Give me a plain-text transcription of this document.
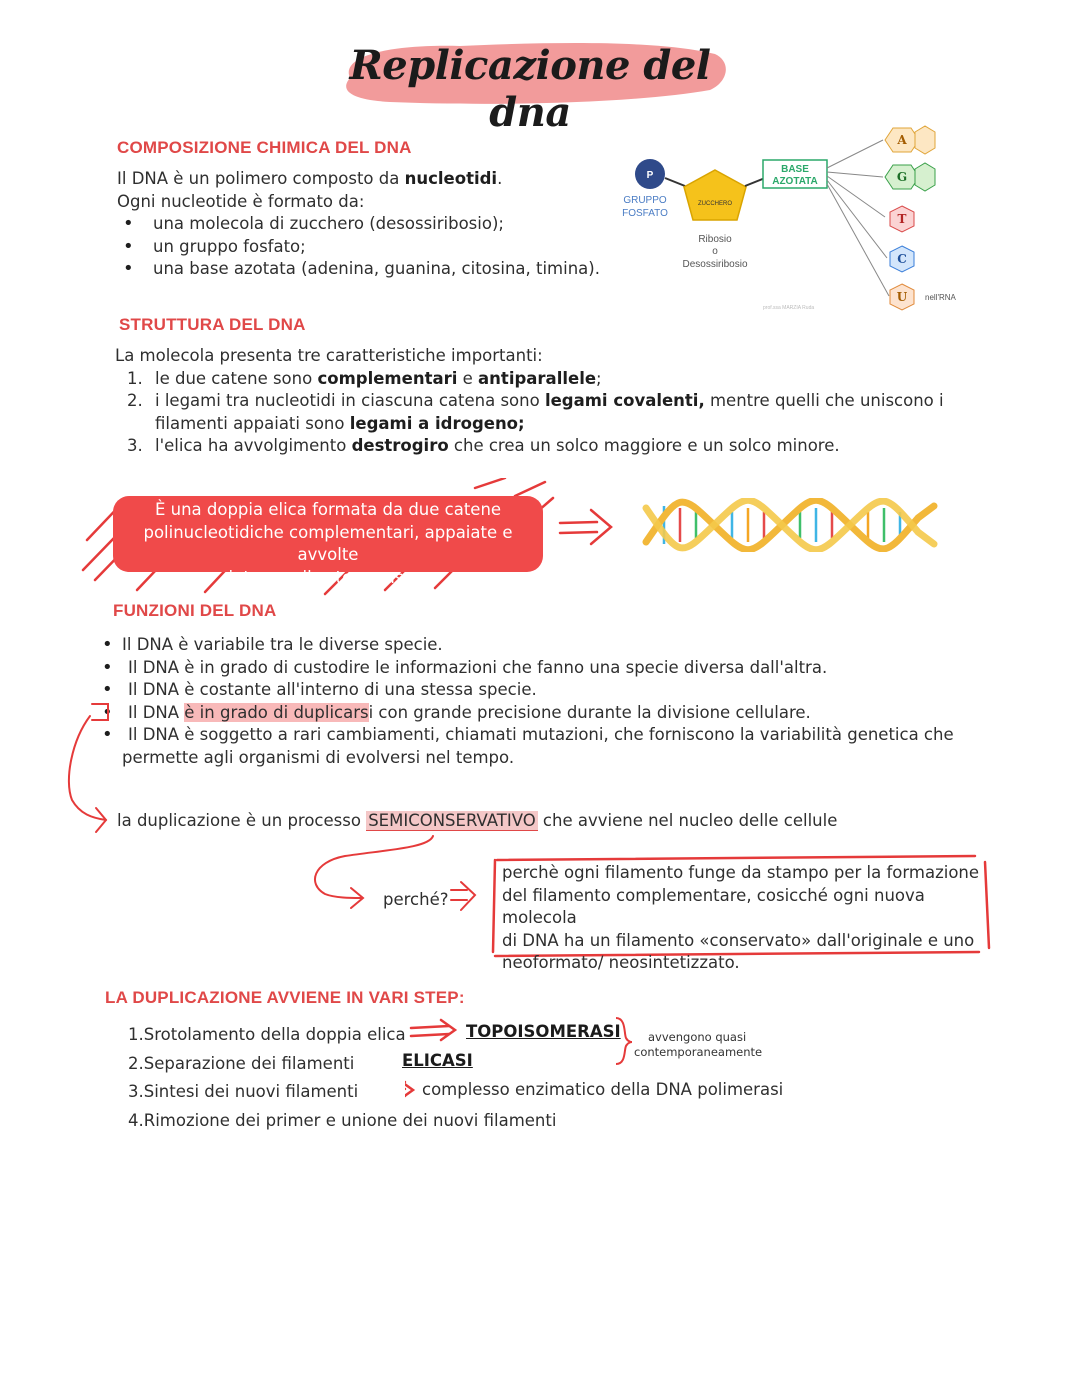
Replicazione del dna
COMPOSIZIONE CHIMICA DEL DNA
Il DNA è un polimero composto da nucleotidi.
Ogni nucleotide è formato da:
• una molecola di zucchero (desossiribosio);
• un gruppo fosfato;
• una base azotata (adenina, guanina, citosina, timina).
P
GRUPPO
FOSFATO
ZUCCHERO
Ribosio
o
Desossiribosio
BASE
AZOTATA
A
G
T
C
U nell'RNA
prof.ssa MARZIA Ruda
STRUTTURA DEL DNA
La molecola presenta tre caratteristiche importanti:
1. le due catene sono complementari e antiparallele;
2. i legami tra nucleotidi in ciascuna catena sono legami covalenti, mentre quelli che uniscono i
filamenti appaiati sono legami a idrogeno;
3. l'elica ha avvolgimento destrogiro che crea un solco maggiore e un solco minore.
È una doppia elica formata da due catene
polinucleotidiche complementari, appaiate e avvolte
intorno allo stesso asse.
FUNZIONI DEL DNA
• Il DNA è variabile tra le diverse specie.
• Il DNA è in grado di custodire le informazioni che fanno una specie diversa dall'altra.
• Il DNA è costante all'interno di una stessa specie.
• Il DNA è in grado di duplicarsi con grande precisione durante la divisione cellulare.
• Il DNA è soggetto a rari cambiamenti, chiamati mutazioni, che forniscono la variabilità genetica che
permette agli organismi di evolversi nel tempo.
la duplicazione è un processo SEMICONSERVATIVO che avviene nel nucleo delle cellule
perché?
perchè ogni filamento funge da stampo per la formazione
del filamento complementare, cosicché ogni nuova molecola
di DNA ha un filamento «conservato» dall'originale e uno
neoformato/ neosintetizzato.
LA DUPLICAZIONE AVVIENE IN VARI STEP:
1.Srotolamento della doppia elica
2.Separazione dei filamenti
3.Sintesi dei nuovi filamenti
4.Rimozione dei primer e unione dei nuovi filamenti
TOPOISOMERASI
ELICASI
complesso enzimatico della DNA polimerasi
avvengono quasi
contemporaneamente
